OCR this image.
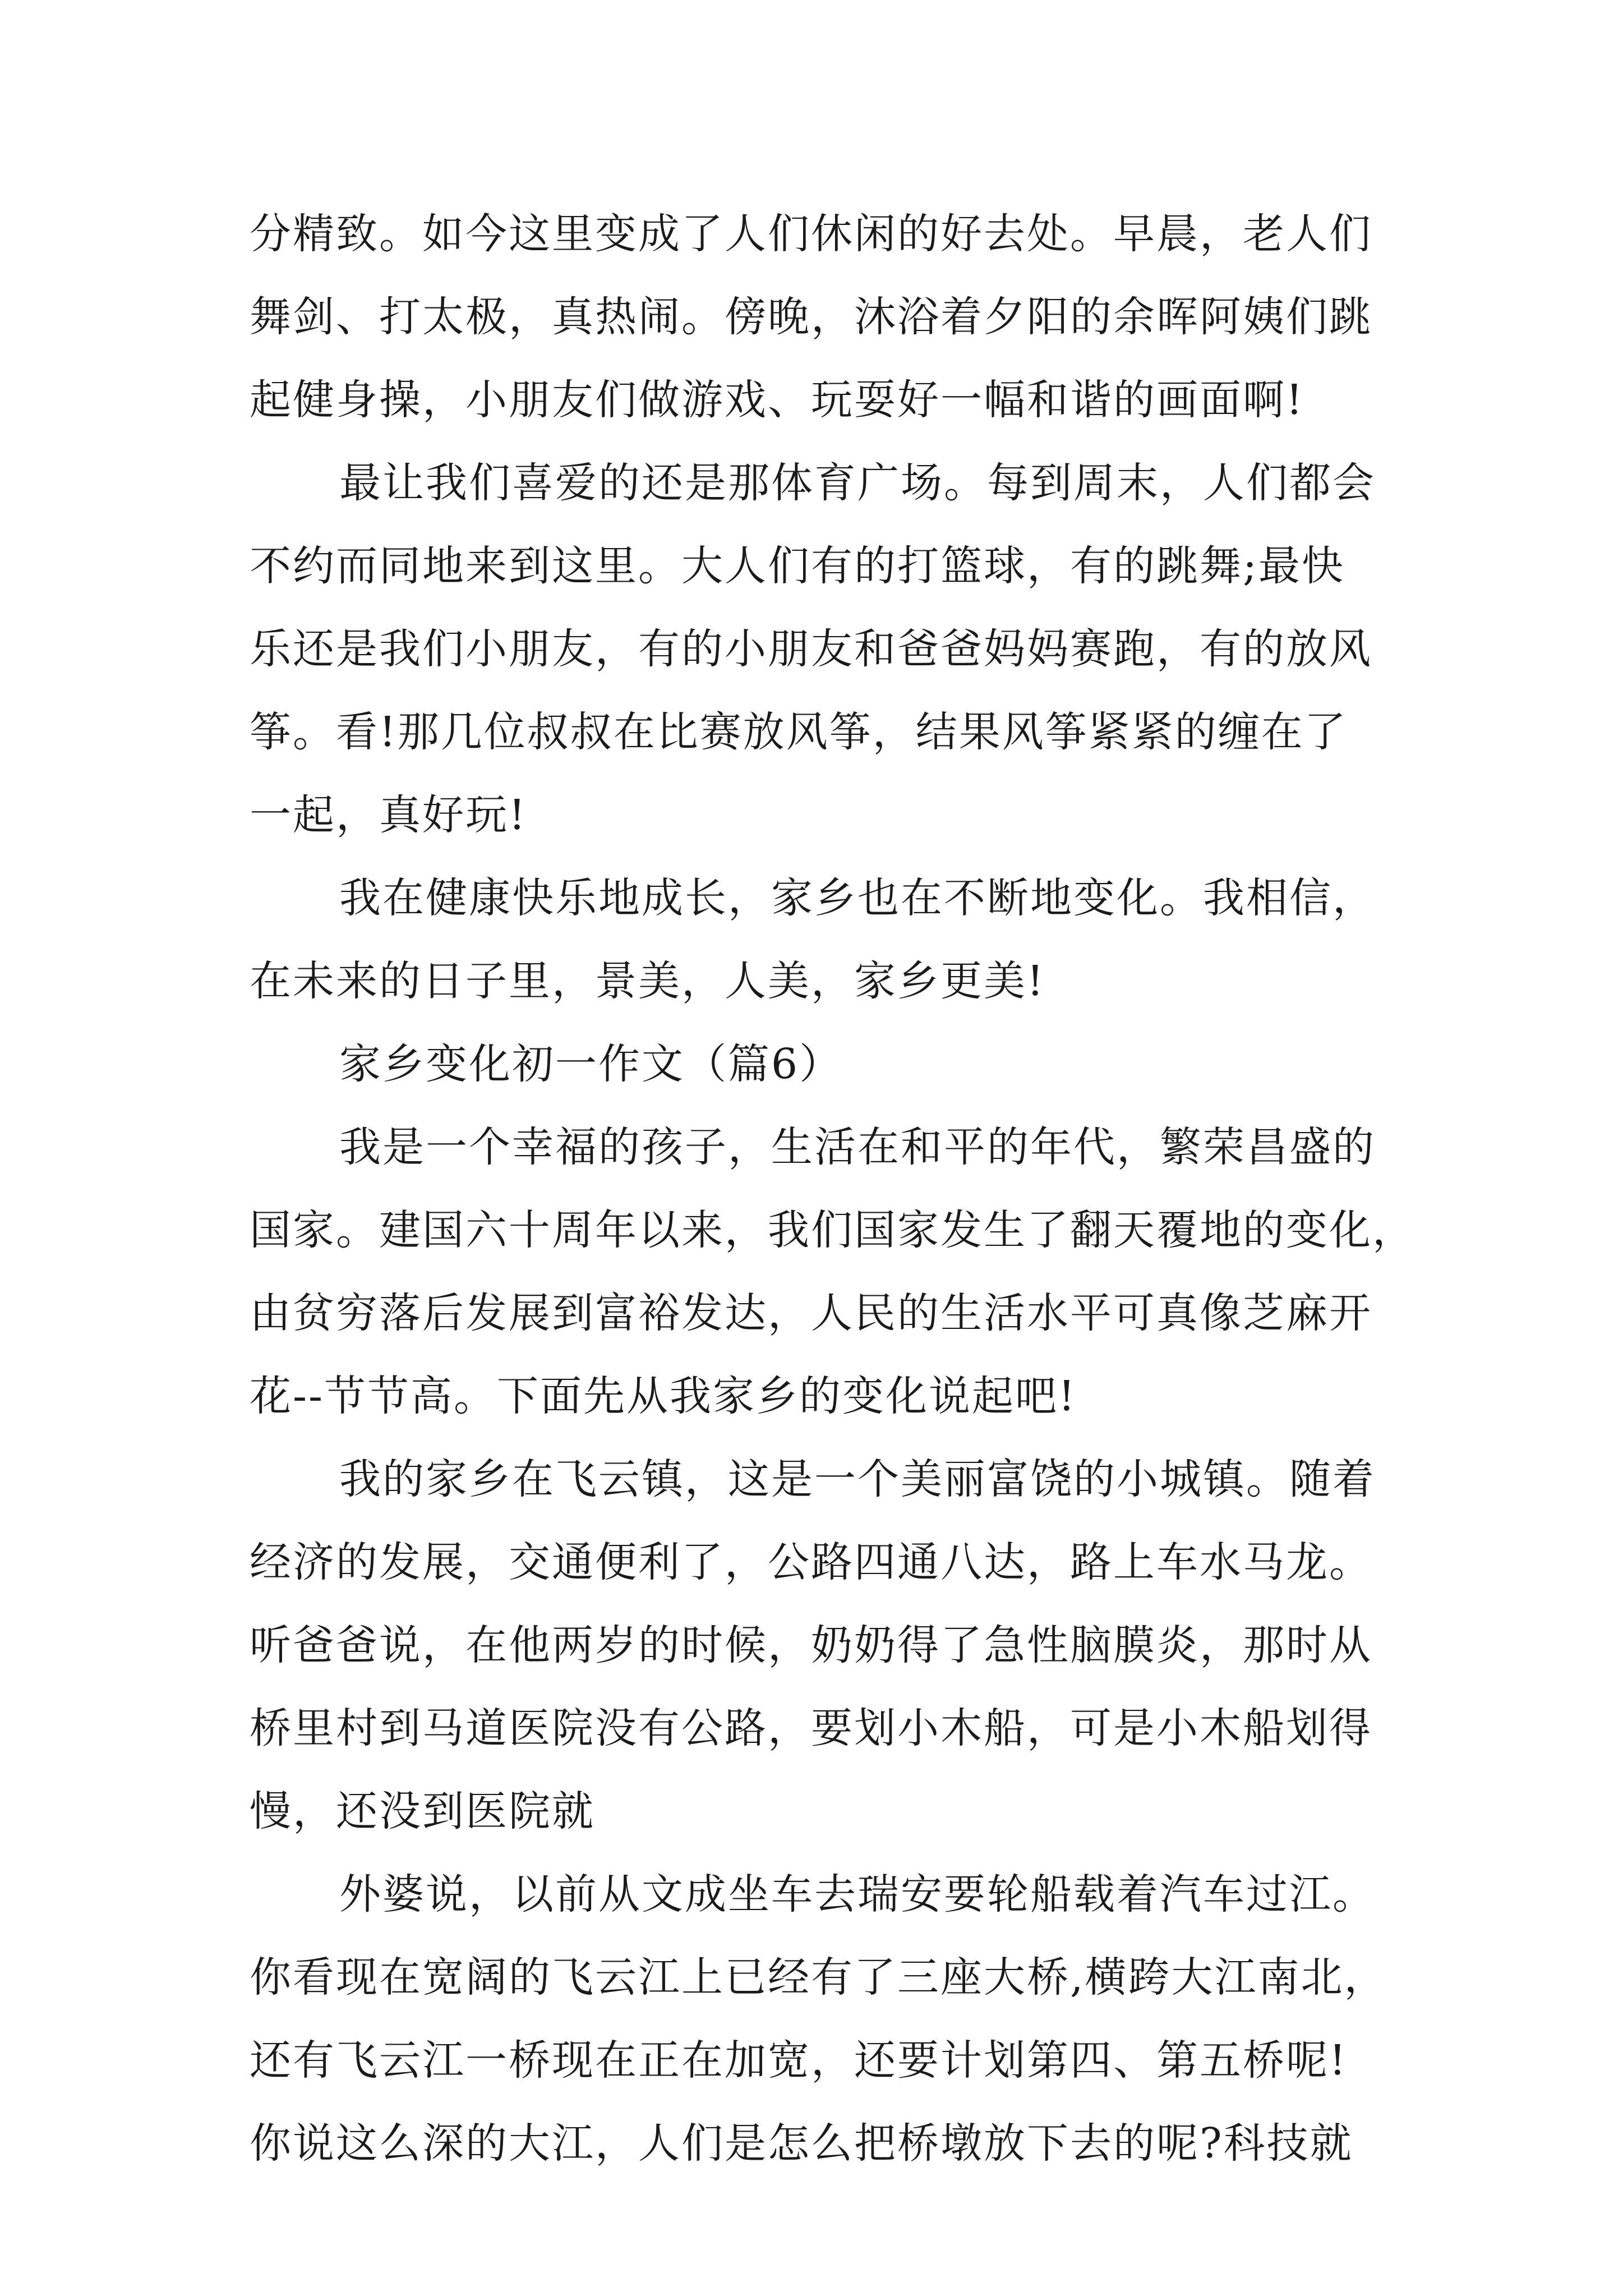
分精致。如今这里变成了人们休闲的好去处。早晨，老人们
舞剑、打太极，真热闹。傍晚，沐浴着夕阳的余晖阿姨们跳
起健身操，小朋友们做游戏、玩耍好一幅和谐的画面啊!
最让我们喜爱的还是那体育广场。每到周末，人们都会
不约而同地来到这里。大人们有的打篮球，有的跳舞;最快
乐还是我们小朋友，有的小朋友和爸爸妈妈赛跑，有的放风
筝。看!那几位叔叔在比赛放风筝，结果风筝紧紧的缠在了
一起，真好玩!
我在健康快乐地成长，家乡也在不断地变化。我相信，
在未来的日子里，景美，人美，家乡更美!
家乡变化初一作文（篇6）
我是一个幸福的孩子，生活在和平的年代，繁荣昌盛的
国家。建国六十周年以来，我们国家发生了翻天覆地的变化，
由贫穷落后发展到富裕发达，人民的生活水平可真像芝麻开
花--节节高。下面先从我家乡的变化说起吧!
我的家乡在飞云镇，这是一个美丽富饶的小城镇。随着
经济的发展，交通便利了，公路四通八达，路上车水马龙。
听爸爸说，在他两岁的时候，奶奶得了急性脑膜炎，那时从
桥里村到马道医院没有公路，要划小木船，可是小木船划得
慢，还没到医院就
外婆说，以前从文成坐车去瑞安要轮船载着汽车过江。
你看现在宽阔的飞云江上已经有了三座大桥,横跨大江南北，
还有飞云江一桥现在正在加宽，还要计划第四、第五桥呢!
你说这么深的大江，人们是怎么把桥墩放下去的呢?科技就
